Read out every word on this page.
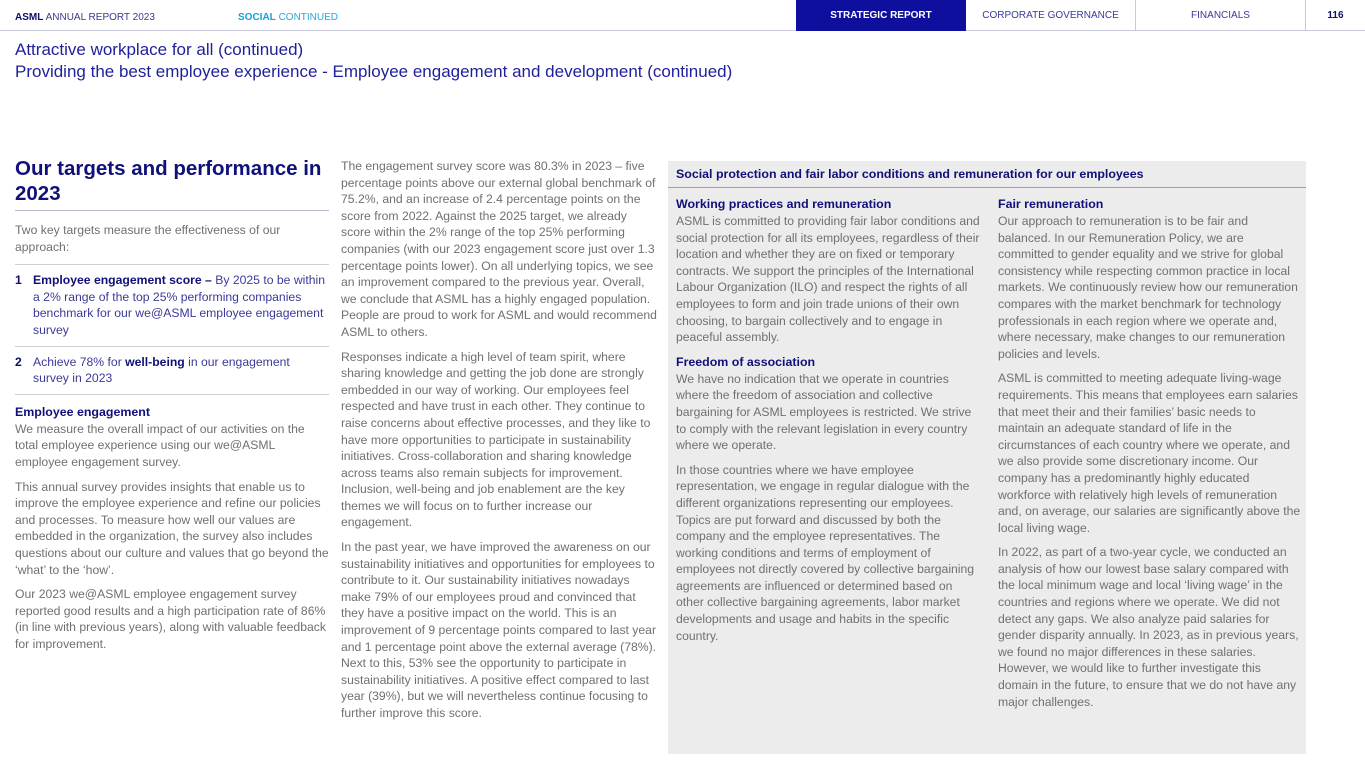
ASML ANNUAL REPORT 2023	SOCIAL CONTINUED	STRATEGIC REPORT	CORPORATE GOVERNANCE	FINANCIALS	116
Attractive workplace for all (continued)
Providing the best employee experience - Employee engagement and development (continued)
Our targets and performance in 2023
Two key targets measure the effectiveness of our approach:
1 Employee engagement score – By 2025 to be within a 2% range of the top 25% performing companies benchmark for our we@ASML employee engagement survey
2 Achieve 78% for well-being in our engagement survey in 2023
Employee engagement

We measure the overall impact of our activities on the total employee experience using our we@ASML employee engagement survey.

This annual survey provides insights that enable us to improve the employee experience and refine our policies and processes. To measure how well our values are embedded in the organization, the survey also includes questions about our culture and values that go beyond the ‘what’ to the ‘how’.

Our 2023 we@ASML employee engagement survey reported good results and a high participation rate of 86% (in line with previous years), along with valuable feedback for improvement.

The engagement survey score was 80.3% in 2023 – five percentage points above our external global benchmark of 75.2%, and an increase of 2.4 percentage points on the score from 2022. Against the 2025 target, we already score within the 2% range of the top 25% performing companies (with our 2023 engagement score just over 1.3 percentage points lower). On all underlying topics, we see an improvement compared to the previous year. Overall, we conclude that ASML has a highly engaged population. People are proud to work for ASML and would recommend ASML to others.

Responses indicate a high level of team spirit, where sharing knowledge and getting the job done are strongly embedded in our way of working. Our employees feel respected and have trust in each other. They continue to raise concerns about effective processes, and they like to have more opportunities to participate in sustainability initiatives. Cross-collaboration and sharing knowledge across teams also remain subjects for improvement. Inclusion, well-being and job enablement are the key themes we will focus on to further increase our engagement.

In the past year, we have improved the awareness on our sustainability initiatives and opportunities for employees to contribute to it. Our sustainability initiatives nowadays make 79% of our employees proud and convinced that they have a positive impact on the world. This is an improvement of 9 percentage points compared to last year and 1 percentage point above the external average (78%). Next to this, 53% see the opportunity to participate in sustainability initiatives. A positive effect compared to last year (39%), but we will nevertheless continue focusing to further improve this score.

Social protection and fair labor conditions and remuneration for our employees
Working practices and remuneration

ASML is committed to providing fair labor conditions and social protection for all its employees, regardless of their location and whether they are on fixed or temporary contracts. We support the principles of the International Labour Organization (ILO) and respect the rights of all employees to form and join trade unions of their own choosing, to bargain collectively and to engage in peaceful assembly.

Freedom of association

We have no indication that we operate in countries where the freedom of association and collective bargaining for ASML employees is restricted. We strive to comply with the relevant legislation in every country where we operate.

In those countries where we have employee representation, we engage in regular dialogue with the different organizations representing our employees. Topics are put forward and discussed by both the company and the employee representatives. The working conditions and terms of employment of employees not directly covered by collective bargaining agreements are influenced or determined based on other collective bargaining agreements, labor market developments and usage and habits in the specific country.

Fair remuneration

Our approach to remuneration is to be fair and balanced. In our Remuneration Policy, we are committed to gender equality and we strive for global consistency while respecting common practice in local markets. We continuously review how our remuneration compares with the market benchmark for technology professionals in each region where we operate and, where necessary, make changes to our remuneration policies and levels.

ASML is committed to meeting adequate living-wage requirements. This means that employees earn salaries that meet their and their families’ basic needs to maintain an adequate standard of life in the circumstances of each country where we operate, and we also provide some discretionary income. Our company has a predominantly highly educated workforce with relatively high levels of remuneration and, on average, our salaries are significantly above the local living wage.

In 2022, as part of a two-year cycle, we conducted an analysis of how our lowest base salary compared with the local minimum wage and local ‘living wage’ in the countries and regions where we operate. We did not detect any gaps. We also analyze paid salaries for gender disparity annually. In 2023, as in previous years, we found no major differences in these salaries. However, we would like to further investigate this domain in the future, to ensure that we do not have any major challenges.
